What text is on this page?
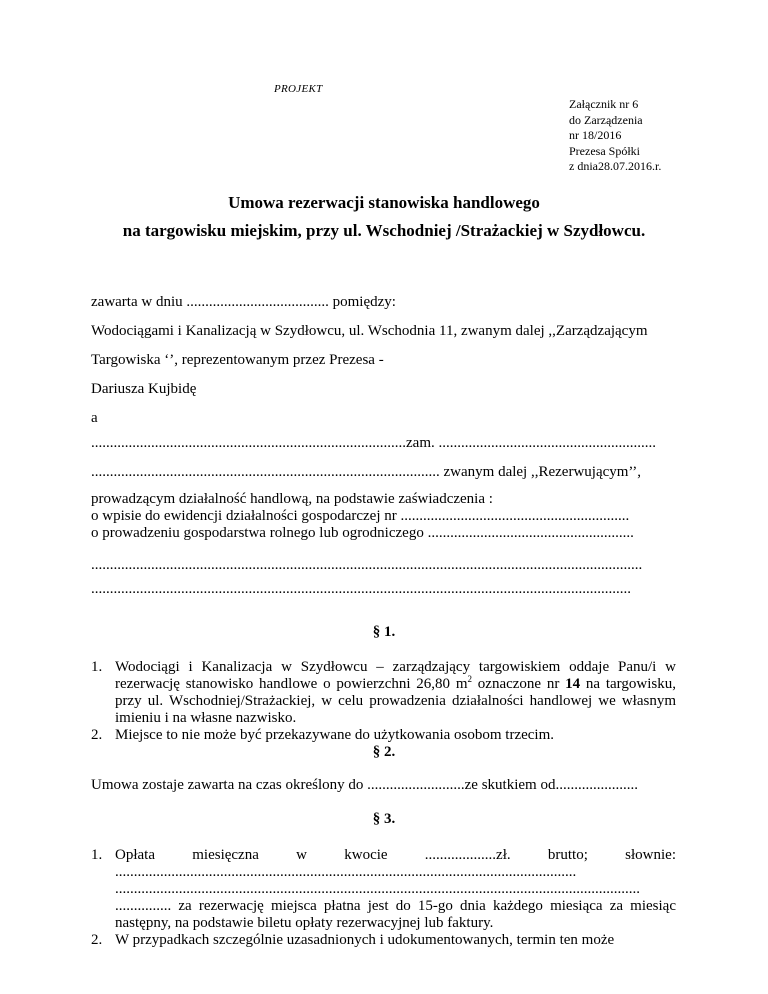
PROJEKT
Załącznik nr 6
do Zarządzenia
nr 18/2016
Prezesa Spółki
z dnia28.07.2016.r.
Umowa rezerwacji stanowiska handlowego
na targowisku miejskim, przy ul. Wschodniej /Strażackiej w Szydłowcu.
zawarta w dniu ...................................... pomiędzy:
Wodociągami i Kanalizacją w Szydłowcu, ul. Wschodnia 11, zwanym dalej ,,Zarządzającym
Targowiska ‘’, reprezentowanym przez Prezesa -
Dariusza Kujbidę
a
....................................................................................zam. ..........................................................
............................................................................................. zwanym dalej ,,Rezerwującym’’,
prowadzącym działalność handlową, na podstawie zaświadczenia :
o wpisie do ewidencji działalności gospodarczej nr .............................................................
o prowadzeniu gospodarstwa rolnego lub ogrodniczego .......................................................
...................................................................................................................................................
................................................................................................................................................
§ 1.
1. Wodociągi i Kanalizacja w Szydłowcu – zarządzający targowiskiem oddaje Panu/i w rezerwację stanowisko handlowe o powierzchni 26,80 $m^2$ oznaczone nr 14 na targowisku, przy ul. Wschodniej/Strażackiej, w celu prowadzenia działalności handlowej we własnym imieniu i na własne nazwisko.
2. Miejsce to nie może być przekazywane do użytkowania osobom trzecim.
§ 2.
Umowa zostaje zawarta na czas określony do ..........................ze skutkiem od......................
§ 3.
1. Opłata miesięczna w kwocie ...................zł. brutto; słownie: ........................................................................................................................... ............................................................................................................................................ ............... za rezerwację miejsca płatna jest do 15-go dnia każdego miesiąca za miesiąc następny, na podstawie biletu opłaty rezerwacyjnej lub faktury.
2. W przypadkach szczególnie uzasadnionych i udokumentowanych, termin ten może
